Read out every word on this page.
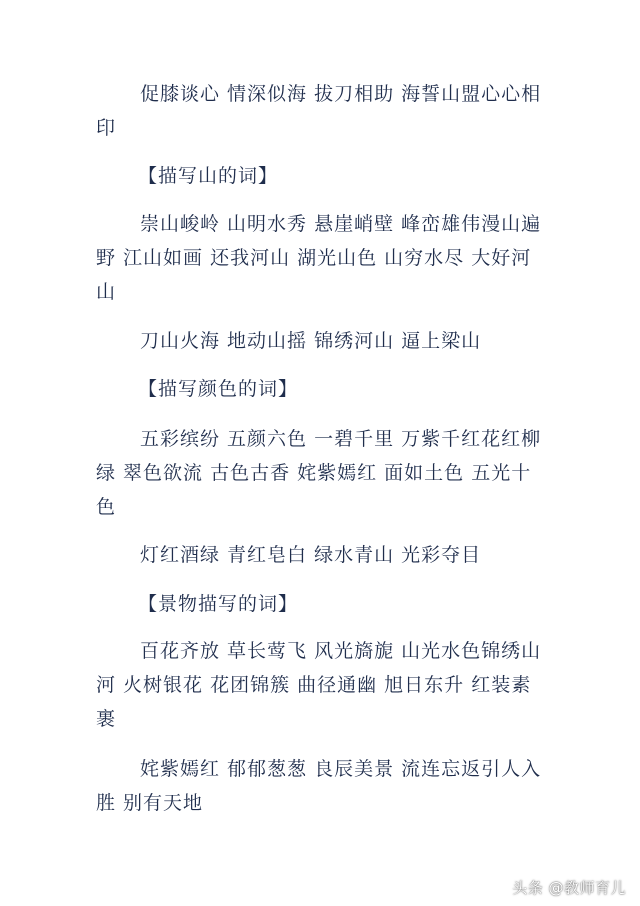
促膝谈心 情深似海 拔刀相助 海誓山盟心心相印

【描写山的词】

崇山峻岭 山明水秀 悬崖峭壁 峰峦雄伟漫山遍野 江山如画 还我河山 湖光山色 山穷水尽 大好河山

刀山火海 地动山摇 锦绣河山 逼上梁山

【描写颜色的词】

五彩缤纷 五颜六色 一碧千里 万紫千红花红柳绿 翠色欲流 古色古香 姹紫嫣红 面如土色 五光十色

灯红酒绿 青红皂白 绿水青山 光彩夺目

【景物描写的词】

百花齐放 草长莺飞 风光旖旎 山光水色锦绣山河 火树银花 花团锦簇 曲径通幽 旭日东升 红装素裹

姹紫嫣红 郁郁葱葱 良辰美景 流连忘返引人入胜 别有天地

头条 @教师育儿
